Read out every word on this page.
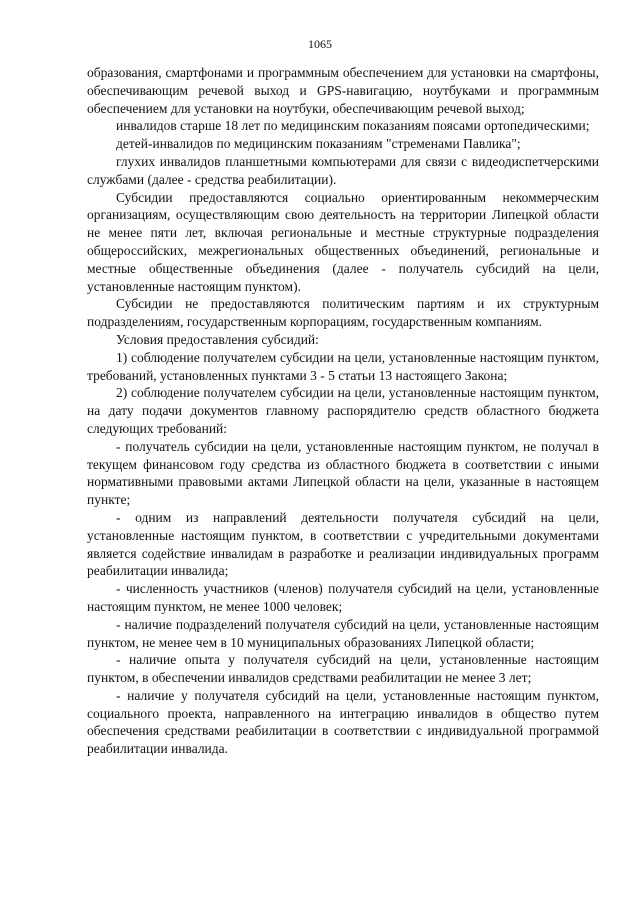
1065

образования, смартфонами и программным обеспечением для установки на смартфоны, обеспечивающим речевой выход и GPS-навигацию, ноутбуками и программным обеспечением для установки на ноутбуки, обеспечивающим речевой выход;

инвалидов старше 18 лет по медицинским показаниям поясами ортопедическими;

детей-инвалидов по медицинским показаниям "стременами Павлика";

глухих инвалидов планшетными компьютерами для связи с видеодиспетчерскими службами (далее - средства реабилитации).

Субсидии предоставляются социально ориентированным некоммерческим организациям, осуществляющим свою деятельность на территории Липецкой области не менее пяти лет, включая региональные и местные структурные подразделения общероссийских, межрегиональных общественных объединений, региональные и местные общественные объединения (далее - получатель субсидий на цели, установленные настоящим пунктом).

Субсидии не предоставляются политическим партиям и их структурным подразделениям, государственным корпорациям, государственным компаниям.

Условия предоставления субсидий:

1) соблюдение получателем субсидии на цели, установленные настоящим пунктом, требований, установленных пунктами 3 - 5 статьи 13 настоящего Закона;

2) соблюдение получателем субсидии на цели, установленные настоящим пунктом, на дату подачи документов главному распорядителю средств областного бюджета следующих требований:

- получатель субсидии на цели, установленные настоящим пунктом, не получал в текущем финансовом году средства из областного бюджета в соответствии с иными нормативными правовыми актами Липецкой области на цели, указанные в настоящем пункте;

- одним из направлений деятельности получателя субсидий на цели, установленные настоящим пунктом, в соответствии с учредительными документами является содействие инвалидам в разработке и реализации индивидуальных программ реабилитации инвалида;

- численность участников (членов) получателя субсидий на цели, установленные настоящим пунктом, не менее 1000 человек;

- наличие подразделений получателя субсидий на цели, установленные настоящим пунктом, не менее чем в 10 муниципальных образованиях Липецкой области;

- наличие опыта у получателя субсидий на цели, установленные настоящим пунктом, в обеспечении инвалидов средствами реабилитации не менее 3 лет;

- наличие у получателя субсидий на цели, установленные настоящим пунктом, социального проекта, направленного на интеграцию инвалидов в общество путем обеспечения средствами реабилитации в соответствии с индивидуальной программой реабилитации инвалида.
